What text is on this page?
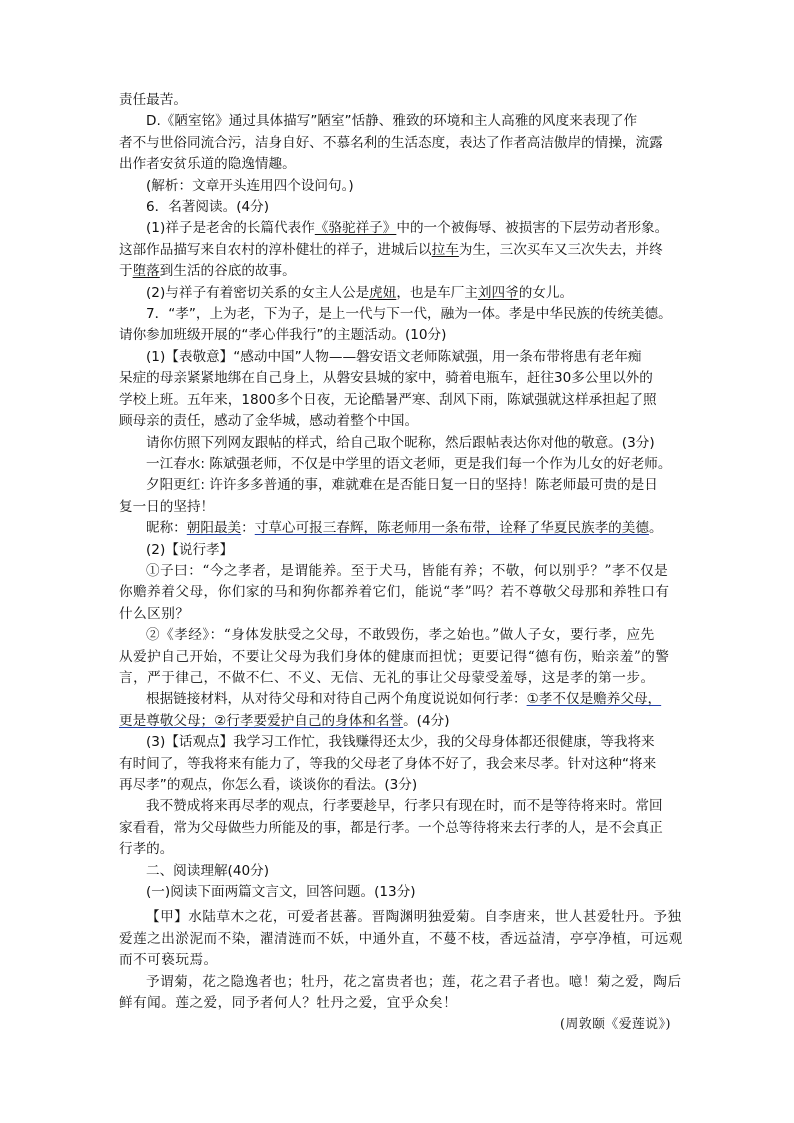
责任最苦。
D.《陋室铭》通过具体描写”陋室”恬静、雅致的环境和主人高雅的风度来表现了作
者不与世俗同流合污，洁身自好、不慕名利的生活态度，表达了作者高洁傲岸的情操，流露
出作者安贫乐道的隐逸情趣。
(解析：文章开头连用四个设问句。)
6．名著阅读。(4分)
(1)祥子是老舍的长篇代表作《骆驼祥子》中的一个被侮辱、被损害的下层劳动者形象。
这部作品描写来自农村的淳朴健壮的祥子，进城后以拉车为生，三次买车又三次失去，并终
于堕落到生活的谷底的故事。
(2)与祥子有着密切关系的女主人公是虎妞，也是车厂主刘四爷的女儿。
7．“孝”，上为老，下为子，是上一代与下一代，融为一体。孝是中华民族的传统美德。
请你参加班级开展的“孝心伴我行”的主题活动。(10分)
(1)【表敬意】“感动中国”人物——磐安语文老师陈斌强，用一条布带将患有老年痴
呆症的母亲紧紧地绑在自己身上，从磐安县城的家中，骑着电瓶车，赶往30多公里以外的
学校上班。五年来，1800多个日夜，无论酷暑严寒、刮风下雨，陈斌强就这样承担起了照
顾母亲的责任，感动了金华城，感动着整个中国。
请你仿照下列网友跟帖的样式，给自己取个昵称，然后跟帖表达你对他的敬意。(3分)
一江春水: 陈斌强老师，不仅是中学里的语文老师，更是我们每一个作为儿女的好老师。
夕阳更红: 许许多多普通的事，难就难在是否能日复一日的坚持！陈老师最可贵的是日
复一日的坚持！
昵称：朝阳最美：寸草心可报三春辉，陈老师用一条布带，诠释了华夏民族孝的美德。
(2)【说行孝】
①子曰：“今之孝者，是谓能养。至于犬马，皆能有养；不敬，何以别乎？”孝不仅是
你赡养着父母，你们家的马和狗你都养着它们，能说“孝”吗？若不尊敬父母那和养牲口有
什么区别？
②《孝经》：“身体发肤受之父母，不敢毁伤，孝之始也。”做人子女，要行孝，应先
从爱护自己开始，不要让父母为我们身体的健康而担忧；更要记得“德有伤，贻亲羞”的警
言，严于律己，不做不仁、不义、无信、无礼的事让父母蒙受羞辱，这是孝的第一步。
根据链接材料，从对待父母和对待自己两个角度说说如何行孝：①孝不仅是赡养父母，
更是尊敬父母；②行孝要爱护自己的身体和名誉。(4分)
(3)【话观点】我学习工作忙，我钱赚得还太少，我的父母身体都还很健康，等我将来
有时间了，等我将来有能力了，等我的父母老了身体不好了，我会来尽孝。针对这种“将来
再尽孝”的观点，你怎么看，谈谈你的看法。(3分)
我不赞成将来再尽孝的观点，行孝要趁早，行孝只有现在时，而不是等待将来时。常回
家看看，常为父母做些力所能及的事，都是行孝。一个总等待将来去行孝的人，是不会真正
行孝的。
二、阅读理解(40分)
(一)阅读下面两篇文言文，回答问题。(13分)
【甲】水陆草木之花，可爱者甚蕃。晋陶渊明独爱菊。自李唐来，世人甚爱牡丹。予独
爱莲之出淤泥而不染，濯清涟而不妖，中通外直，不蔓不枝，香远益清，亭亭净植，可远观
而不可亵玩焉。
予谓菊，花之隐逸者也；牡丹，花之富贵者也；莲，花之君子者也。噫！菊之爱，陶后
鲜有闻。莲之爱，同予者何人？牡丹之爱，宜乎众矣！
(周敦颐《爱莲说》)
